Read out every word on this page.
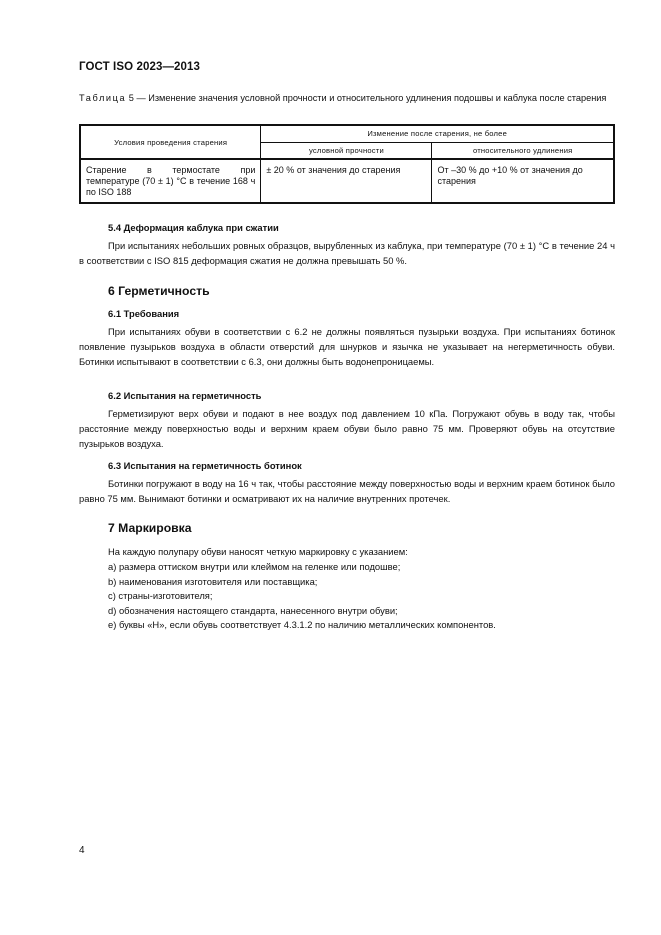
ГОСТ ISO 2023—2013
Таблица 5 — Изменение значения условной прочности и относительного удлинения подошвы и каблука после старения
Условия проведения старения	Изменение после старения, не более	
	условной прочности	относительного удлинения
Старение в термостате при температуре (70 ± 1) °С в течение 168 ч по ISO 188	± 20 % от значения до старения	От –30 % до +10 % от значения до старения
5.4 Деформация каблука при сжатии
При испытаниях небольших ровных образцов, вырубленных из каблука, при температуре (70 ± 1) °С в течение 24 ч в соответствии с ISO 815 деформация сжатия не должна превышать 50 %.
6 Герметичность
6.1 Требования
При испытаниях обуви в соответствии с 6.2 не должны появляться пузырьки воздуха. При испытаниях ботинок появление пузырьков воздуха в области отверстий для шнурков и язычка не указывает на негерметичность обуви. Ботинки испытывают в соответствии с 6.3, они должны быть водонепроницаемы.
6.2 Испытания на герметичность
Герметизируют верх обуви и подают в нее воздух под давлением 10 кПа. Погружают обувь в воду так, чтобы расстояние между поверхностью воды и верхним краем обуви было равно 75 мм. Проверяют обувь на отсутствие пузырьков воздуха.
6.3 Испытания на герметичность ботинок
Ботинки погружают в воду на 16 ч так, чтобы расстояние между поверхностью воды и верхним краем ботинок было равно 75 мм. Вынимают ботинки и осматривают их на наличие внутренних протечек.
7 Маркировка
На каждую полупару обуви наносят четкую маркировку с указанием:
a) размера оттиском внутри или клеймом на геленке или подошве;
b) наименования изготовителя или поставщика;
c) страны-изготовителя;
d) обозначения настоящего стандарта, нанесенного внутри обуви;
e) буквы «Н», если обувь соответствует 4.3.1.2 по наличию металлических компонентов.
4
